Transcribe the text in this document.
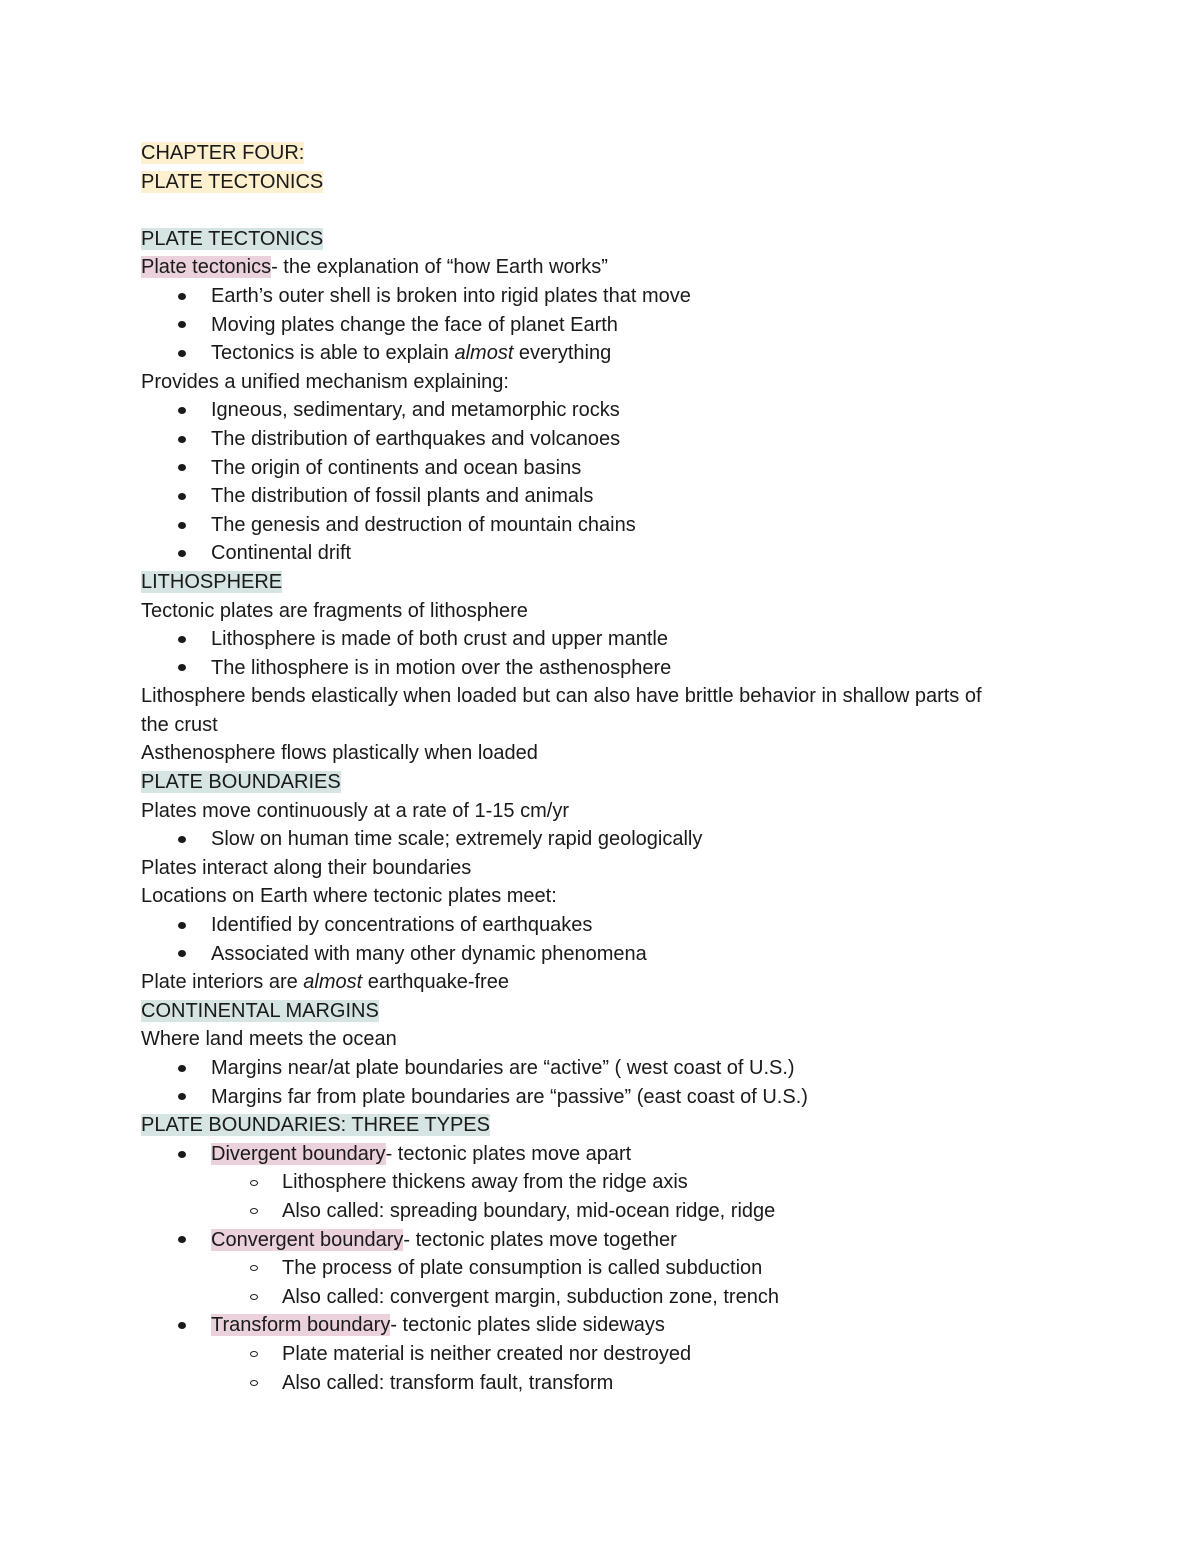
CHAPTER FOUR:

PLATE TECTONICS

PLATE TECTONICS

Plate tectonics- the explanation of “how Earth works”

Earth’s outer shell is broken into rigid plates that move
Moving plates change the face of planet Earth
Tectonics is able to explain almost everything

Provides a unified mechanism explaining:

Igneous, sedimentary, and metamorphic rocks
The distribution of earthquakes and volcanoes
The origin of continents and ocean basins
The distribution of fossil plants and animals
The genesis and destruction of mountain chains
Continental drift

LITHOSPHERE

Tectonic plates are fragments of lithosphere

Lithosphere is made of both crust and upper mantle
The lithosphere is in motion over the asthenosphere

Lithosphere bends elastically when loaded but can also have brittle behavior in shallow parts of

the crust

Asthenosphere flows plastically when loaded

PLATE BOUNDARIES

Plates move continuously at a rate of 1-15 cm/yr

Slow on human time scale; extremely rapid geologically

Plates interact along their boundaries

Locations on Earth where tectonic plates meet:

Identified by concentrations of earthquakes
Associated with many other dynamic phenomena

Plate interiors are almost earthquake-free

CONTINENTAL MARGINS

Where land meets the ocean

Margins near/at plate boundaries are “active” ( west coast of U.S.)
Margins far from plate boundaries are “passive” (east coast of U.S.)

PLATE BOUNDARIES: THREE TYPES

Divergent boundary- tectonic plates move apart
Lithosphere thickens away from the ridge axis
Also called: spreading boundary, mid-ocean ridge, ridge
Convergent boundary- tectonic plates move together
The process of plate consumption is called subduction
Also called: convergent margin, subduction zone, trench
Transform boundary- tectonic plates slide sideways
Plate material is neither created nor destroyed
Also called: transform fault, transform
